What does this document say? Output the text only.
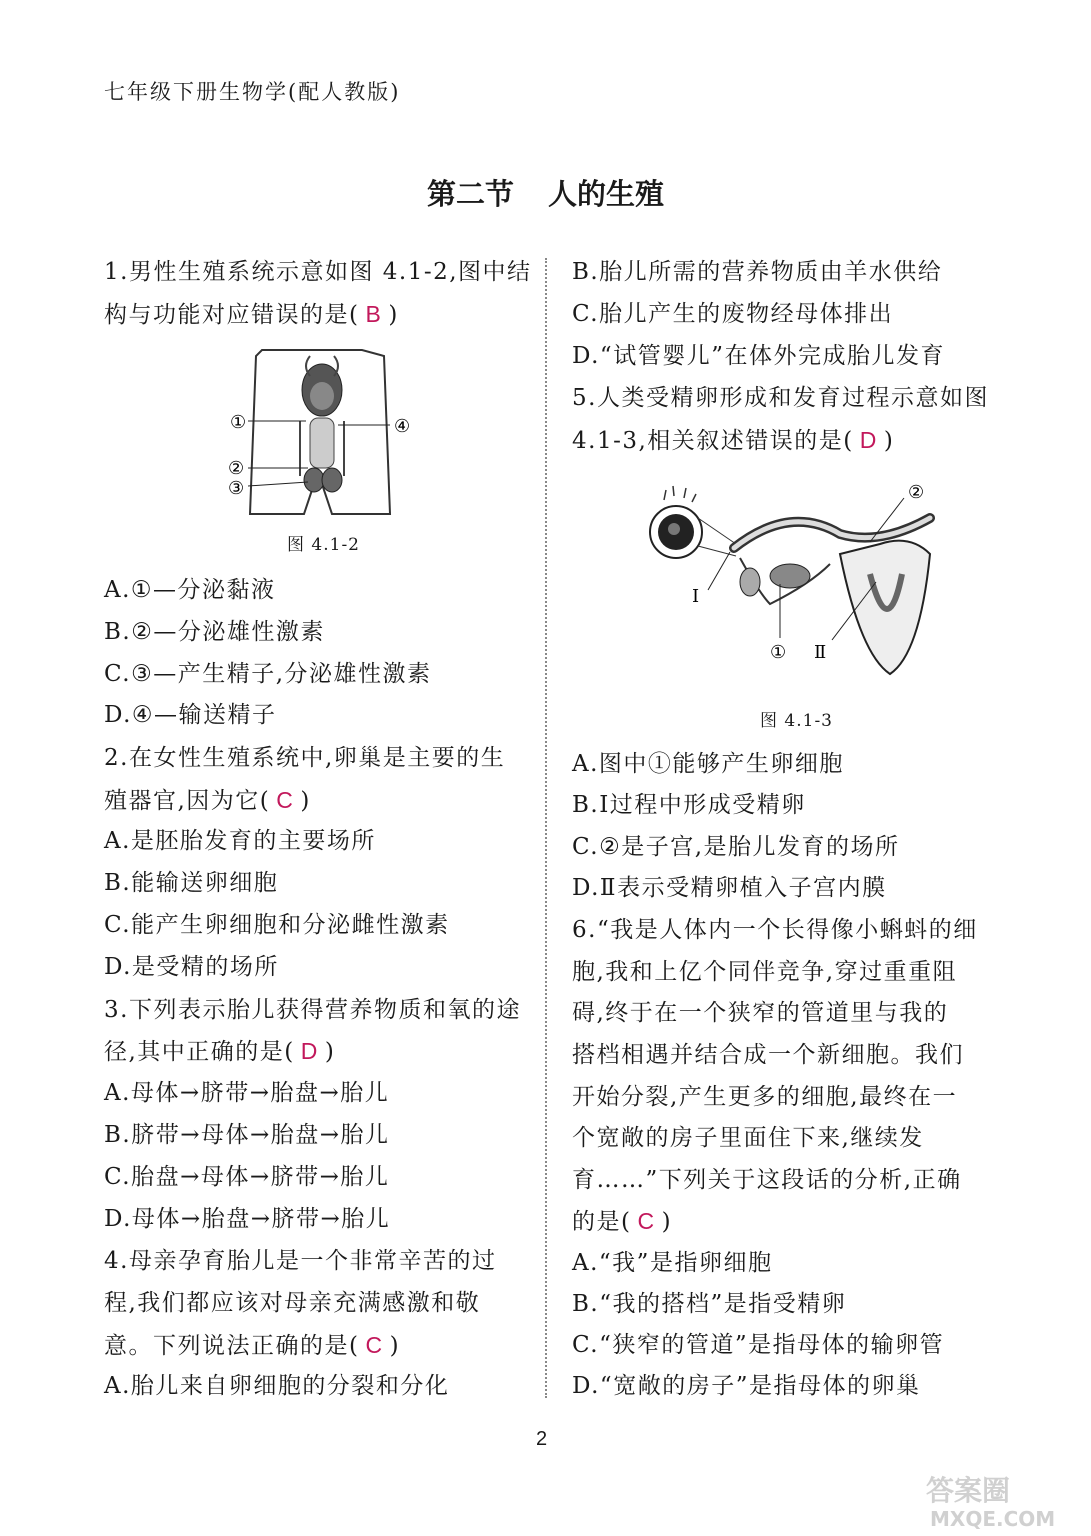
七年级下册生物学(配人教版)
第二节 人的生殖
1.男性生殖系统示意如图 4.1-2,图中结
构与功能对应错误的是( B )
①	④
②
③
图 4.1-2
A.①—分泌黏液
B.②—分泌雄性激素
C.③—产生精子,分泌雄性激素
D.④—输送精子
2.在女性生殖系统中,卵巢是主要的生
殖器官,因为它( C )
A.是胚胎发育的主要场所
B.能输送卵细胞
C.能产生卵细胞和分泌雌性激素
D.是受精的场所
3.下列表示胎儿获得营养物质和氧的途
径,其中正确的是( D )
A.母体→脐带→胎盘→胎儿
B.脐带→母体→胎盘→胎儿
C.胎盘→母体→脐带→胎儿
D.母体→胎盘→脐带→胎儿
4.母亲孕育胎儿是一个非常辛苦的过
程,我们都应该对母亲充满感激和敬
意。下列说法正确的是( C )
A.胎儿来自卵细胞的分裂和分化
B.胎儿所需的营养物质由羊水供给
C.胎儿产生的废物经母体排出
D.“试管婴儿”在体外完成胎儿发育
5.人类受精卵形成和发育过程示意如图
4.1-3,相关叙述错误的是( D )
②
Ⅰ
① Ⅱ
图 4.1-3
A.图中①能够产生卵细胞
B.Ⅰ过程中形成受精卵
C.②是子宫,是胎儿发育的场所
D.Ⅱ表示受精卵植入子宫内膜
6.“我是人体内一个长得像小蝌蚪的细
胞,我和上亿个同伴竞争,穿过重重阻
碍,终于在一个狭窄的管道里与我的
搭档相遇并结合成一个新细胞。我们
开始分裂,产生更多的细胞,最终在一
个宽敞的房子里面住下来,继续发
育……”下列关于这段话的分析,正确
的是( C )
A.“我”是指卵细胞
B.“我的搭档”是指受精卵
C.“狭窄的管道”是指母体的输卵管
D.“宽敞的房子”是指母体的卵巢
2
答案圈
MXQE.COM
